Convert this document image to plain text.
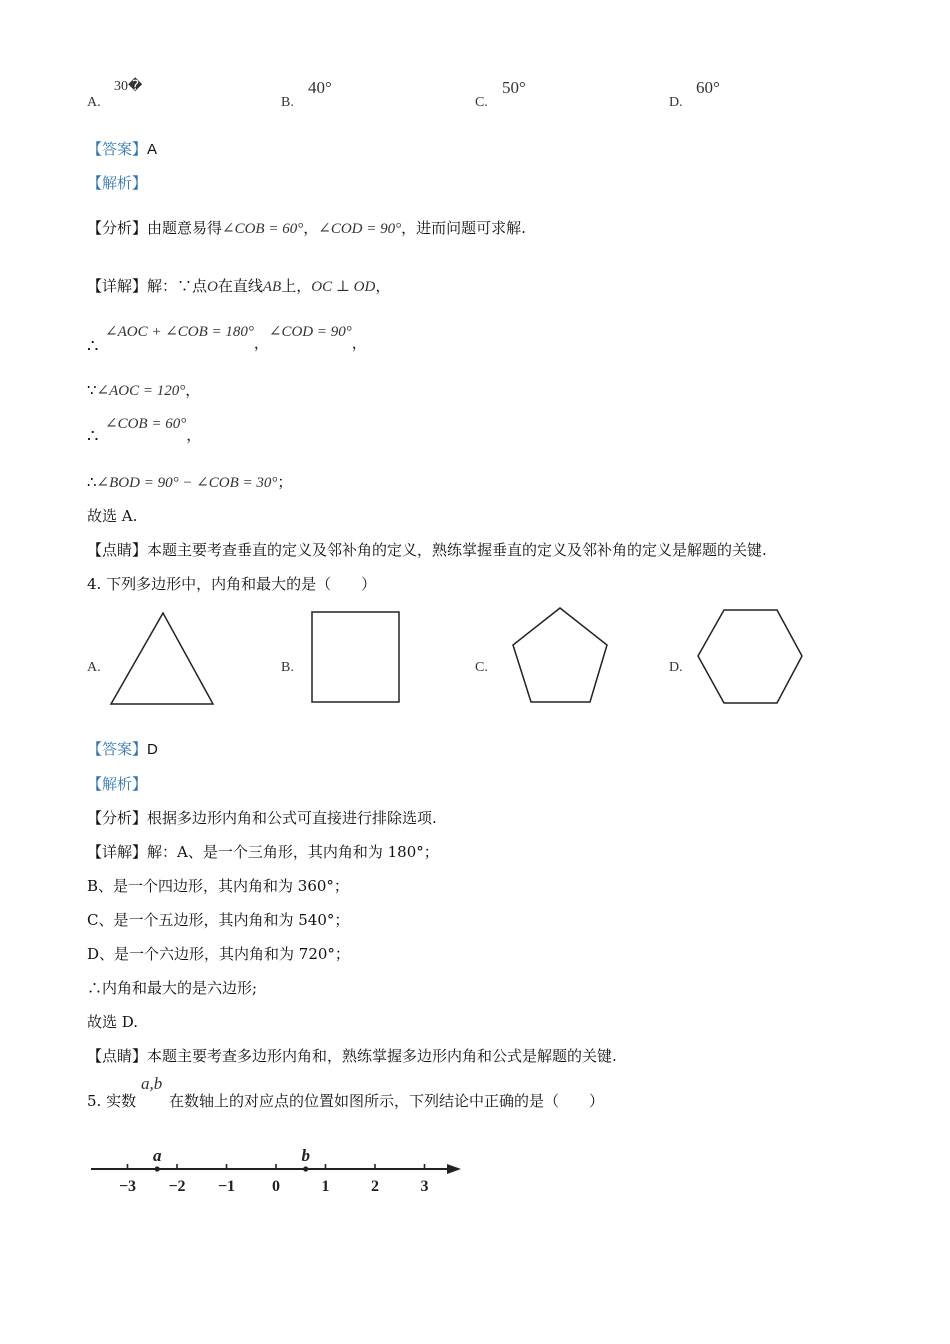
A.
30�
B.
40°
C.
50°
D.
60°
【答案】A
【解析】
【分析】由题意易得∠COB = 60°，∠COD = 90°，进而问题可求解.
【详解】解：∵点O在直线AB上，OC ⊥ OD，
∴
∠AOC + ∠COB = 180°，∠COD = 90°，
∵∠AOC = 120°，
∴
∠COB = 60°，
∴∠BOD = 90° − ∠COB = 30°；
故选 A.
【点睛】本题主要考查垂直的定义及邻补角的定义，熟练掌握垂直的定义及邻补角的定义是解题的关键.
4. 下列多边形中，内角和最大的是（　　）
A.	B.	C.	D.
【答案】D
【解析】
【分析】根据多边形内角和公式可直接进行排除选项.
【详解】解：A、是一个三角形，其内角和为 180°；
B、是一个四边形，其内角和为 360°；
C、是一个五边形，其内角和为 540°；
D、是一个六边形，其内角和为 720°；
∴内角和最大的是六边形;
故选 D.
【点睛】本题主要考查多边形内角和，熟练掌握多边形内角和公式是解题的关键.
5. 实数
a,b
在数轴上的对应点的位置如图所示，下列结论中正确的是（　　）
−3 −2 −1 0	1	2	3
a	b
